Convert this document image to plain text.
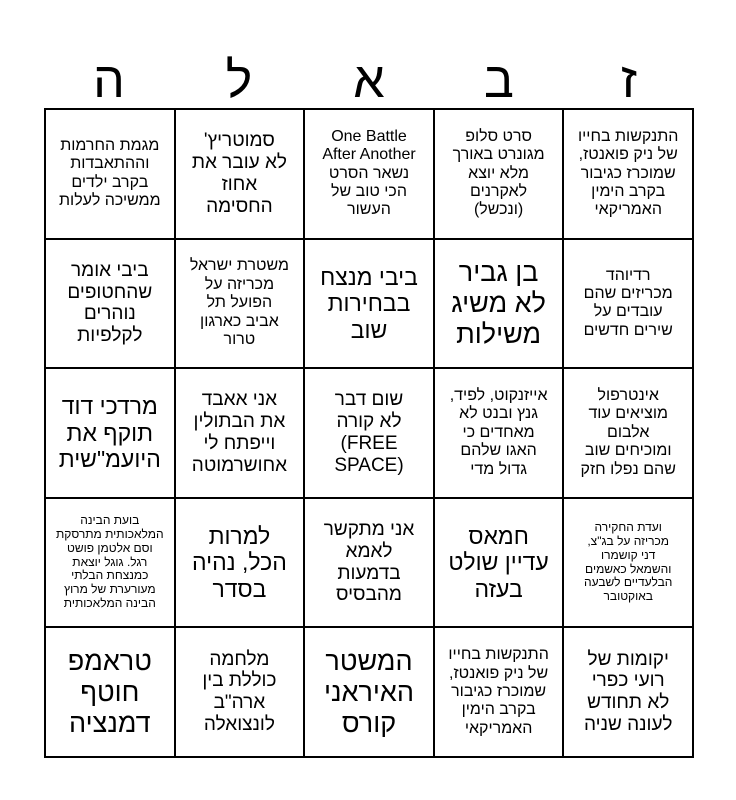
ז
ב
א
ל
ה
התנקשות בחייו
של ניק פואנטז,
שמוכרז כגיבור
בקרב הימין
האמריקאי
סרט סלופ
מגונרט באורך
מלא יוצא
לאקרנים
(ונכשל)
One Battle
After Another
נשאר הסרט
הכי טוב של
העשור
סמוטריץ'
לא עובר את
אחוז
החסימה
מגמת החרמות
וההתאבדות
בקרב ילדים
ממשיכה לעלות
רדיוהד
מכריזים שהם
עובדים על
שירים חדשים
בן גביר
לא משיג
משילות
ביבי מנצח
בבחירות
שוב
משטרת ישראל
מכריזה על
הפועל תל
אביב כארגון
טרור
ביבי אומר
שהחטופים
נוהרים
לקלפיות
אינטרפול
מוציאים עוד
אלבום
ומוכיחים שוב
שהם נפלו חזק
אייזנקוט, לפיד,
גנץ ובנט לא
מאחדים כי
האגו שלהם
גדול מדי
שום דבר
לא קורה
(FREE
SPACE)
אני אאבד
את הבתולין
וייפתח לי
אחושרמוטה
מרדכי דוד
תוקף את
היועמ"שית
ועדת החקירה
מכריזה על בג"צ,
דני קושמרו
והשמאל כאשמים
הבלעדיים לשבעה
באוקטובר
חמאס
עדיין שולט
בעזה
אני מתקשר
לאמא
בדמעות
מהבסיס
למרות
הכל, נהיה
בסדר
בועת הבינה
המלאכותית מתרסקת
וסם אלטמן פושט
רגל. גוגל יוצאת
כמנצחת הבלתי
מעורערת של מרוץ
הבינה המלאכותית
יקומות של
רועי כפרי
לא תחודש
לעונה שניה
התנקשות בחייו
של ניק פואנטז,
שמוכרז כגיבור
בקרב הימין
האמריקאי
המשטר
האיראני
קורס
מלחמה
כוללת בין
ארה"ב
לונצואלה
טראמפ
חוטף
דמנציה
